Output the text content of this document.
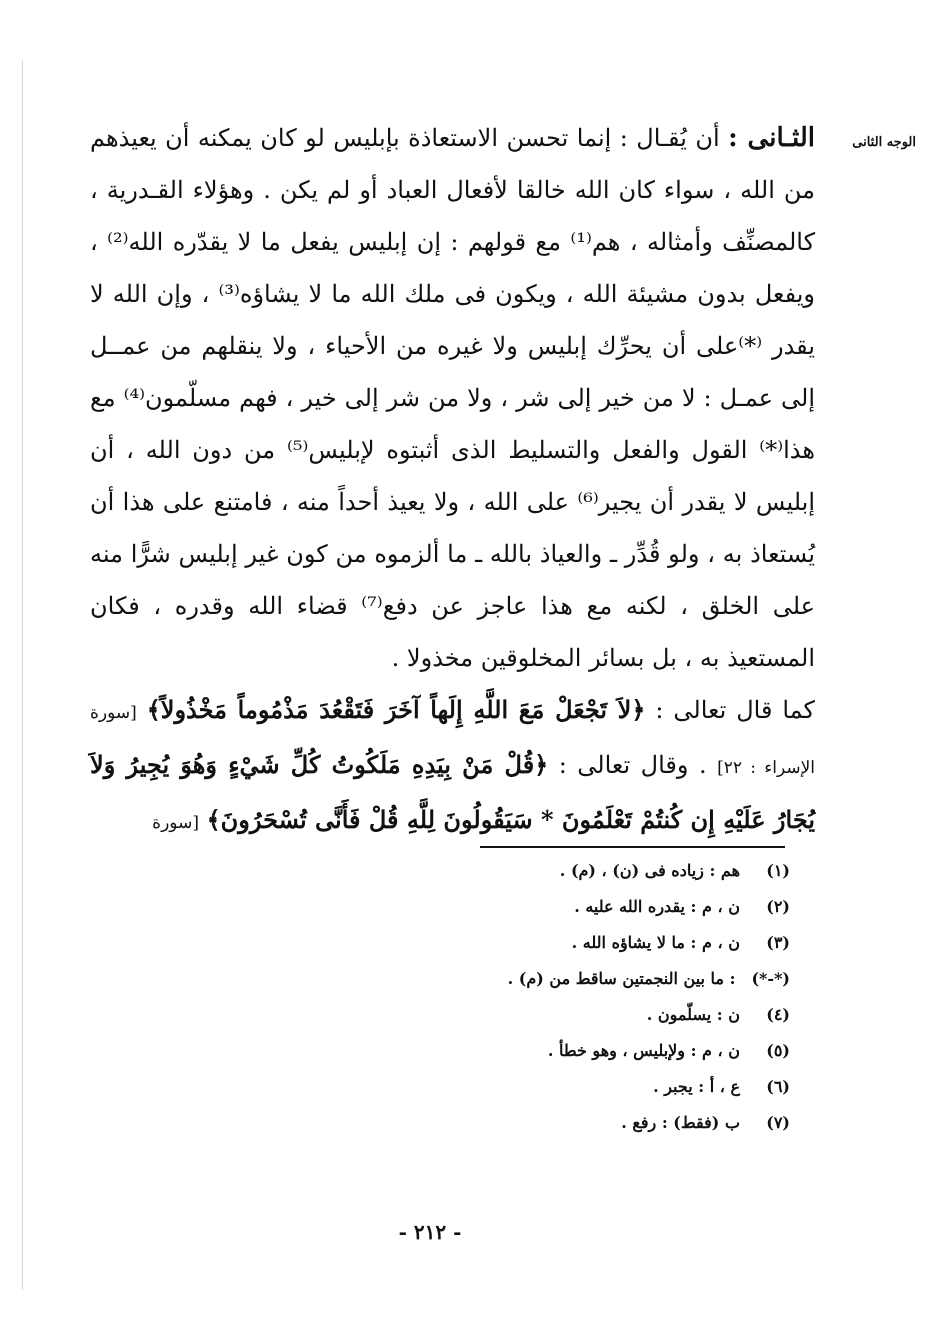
الوجه الثانى

الثـانى : أن يُقـال : إنما تحسن الاستعاذة بإبليس لو كان يمكنه أن يعيذهم من الله ، سواء كان الله خالقا لأفعال العباد أو لم يكن . وهؤلاء القـدرية ، كالمصنِّف وأمثاله ، هم⁽¹⁾ مع قولهم : إن إبليس يفعل ما لا يقدّره الله⁽²⁾ ، ويفعل بدون مشيئة الله ، ويكون فى ملك الله ما لا يشاؤه⁽³⁾ ، وإن الله لا يقدر ⁽*⁾على أن يحرِّك إبليس ولا غيره من الأحياء ، ولا ينقلهم من عمــل إلى عمـل : لا من خير إلى شر ، ولا من شر إلى خير ، فهم مسلّمون⁽⁴⁾ مع هذا⁽*⁾ القول والفعل والتسليط الذى أثبتوه لإبليس⁽⁵⁾ من دون الله ، أن إبليس لا يقدر أن يجير⁽⁶⁾ على الله ، ولا يعيذ أحداً منه ، فامتنع على هذا أن يُستعاذ به ، ولو قُدِّر ـ والعياذ بالله ـ ما ألزموه من كون غير إبليس شرًّا منه على الخلق ، لكنه مع هذا عاجز عن دفع⁽⁷⁾ قضاء الله وقدره ، فكان المستعيذ به ، بل بسائر المخلوقين مخذولا .

كما قال تعالى : ﴿لاَ تَجْعَلْ مَعَ اللَّهِ إِلَهاً آخَرَ فَتَقْعُدَ مَذْمُوماً مَخْذُولاً﴾ [سورة الإسراء : ٢٢] . وقال تعالى : ﴿قُلْ مَنْ بِيَدِهِ مَلَكُوتُ كُلِّ شَيْءٍ وَهُوَ يُجِيرُ وَلاَ يُجَارُ عَلَيْهِ إِن كُنتُمْ تَعْلَمُونَ * سَيَقُولُونَ لِلَّهِ قُلْ فَأَنَّى تُسْحَرُونَ﴾ [سورة

(١)
هم : زياده فى (ن) ، (م) .
(٢)
ن ، م : يقدره الله عليه .
(٣)
ن ، م : ما لا يشاؤه الله .
(*-*)
: ما بين النجمتين ساقط من (م) .
(٤)
ن : يسلّمون .
(٥)
ن ، م : ولإبليس ، وهو خطأ .
(٦)
ع ، أ : يجبر .
(٧)
ب (فقط) : رفع .
- ٢١٢ -
